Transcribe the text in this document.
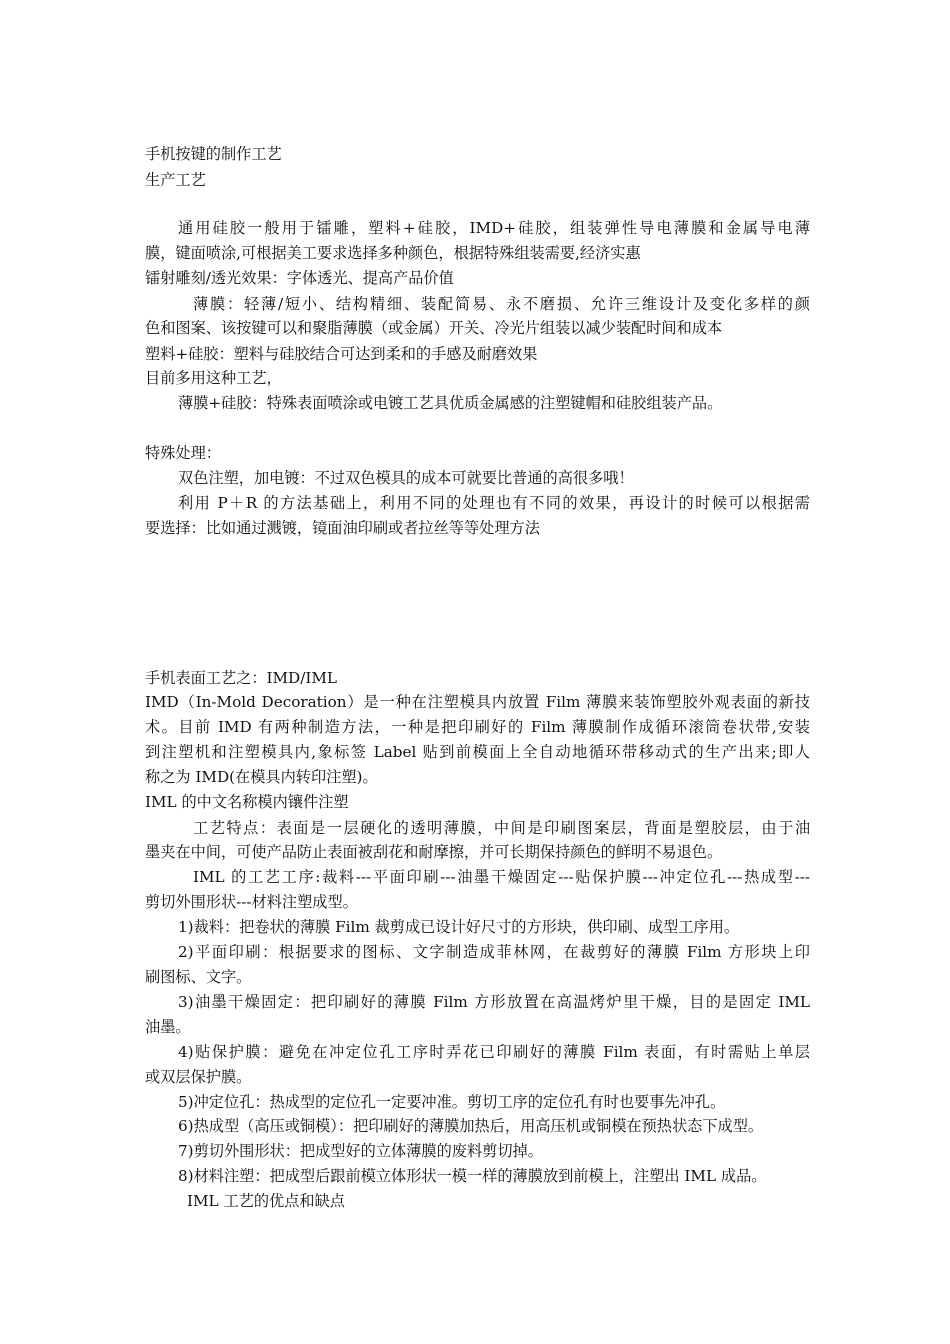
手机按键的制作工艺

生产工艺

通用硅胶一般用于镭雕，塑料+硅胶，IMD+硅胶，组装弹性导电薄膜和金属导电薄

膜，键面喷涂,可根据美工要求选择多种颜色，根据特殊组装需要,经济实惠

镭射雕刻/透光效果：字体透光、提高产品价值

薄膜：轻薄/短小、结构精细、装配简易、永不磨损、允许三维设计及变化多样的颜

色和图案、该按键可以和聚脂薄膜（或金属）开关、冷光片组装以减少装配时间和成本

塑料+硅胶：塑料与硅胶结合可达到柔和的手感及耐磨效果

目前多用这种工艺，

薄膜+硅胶：特殊表面喷涂或电镀工艺具优质金属感的注塑键帽和硅胶组装产品。

特殊处理：

双色注塑，加电镀：不过双色模具的成本可就要比普通的高很多哦！

利用 P＋R 的方法基础上，利用不同的处理也有不同的效果，再设计的时候可以根据需

要选择：比如通过溅镀，镜面油印刷或者拉丝等等处理方法

手机表面工艺之：IMD/IML

IMD（In-Mold Decoration）是一种在注塑模具内放置 Film 薄膜来装饰塑胶外观表面的新技

术。目前 IMD 有两种制造方法，一种是把印刷好的 Film 薄膜制作成循环滚筒卷状带,安装

到注塑机和注塑模具内,象标签 Label 贴到前模面上全自动地循环带移动式的生产出来;即人

称之为 IMD(在模具内转印注塑)。

IML 的中文名称模内镶件注塑

工艺特点：表面是一层硬化的透明薄膜，中间是印刷图案层，背面是塑胶层，由于油

墨夹在中间，可使产品防止表面被刮花和耐摩擦，并可长期保持颜色的鲜明不易退色。

IML 的工艺工序:裁料---平面印刷---油墨干燥固定---贴保护膜---冲定位孔---热成型---

剪切外围形状---材料注塑成型。

1)裁料：把卷状的薄膜 Film 裁剪成已设计好尺寸的方形块，供印刷、成型工序用。

2)平面印刷：根据要求的图标、文字制造成菲林网，在裁剪好的薄膜 Film 方形块上印

刷图标、文字。

3)油墨干燥固定：把印刷好的薄膜 Film 方形放置在高温烤炉里干燥，目的是固定 IML

油墨。

4)贴保护膜：避免在冲定位孔工序时弄花已印刷好的薄膜 Film 表面，有时需贴上单层

或双层保护膜。

5)冲定位孔：热成型的定位孔一定要冲准。剪切工序的定位孔有时也要事先冲孔。

6)热成型（高压或铜模）：把印刷好的薄膜加热后，用高压机或铜模在预热状态下成型。

7)剪切外围形状：把成型好的立体薄膜的废料剪切掉。

8)材料注塑：把成型后跟前模立体形状一模一样的薄膜放到前模上，注塑出 IML 成品。

IML 工艺的优点和缺点
